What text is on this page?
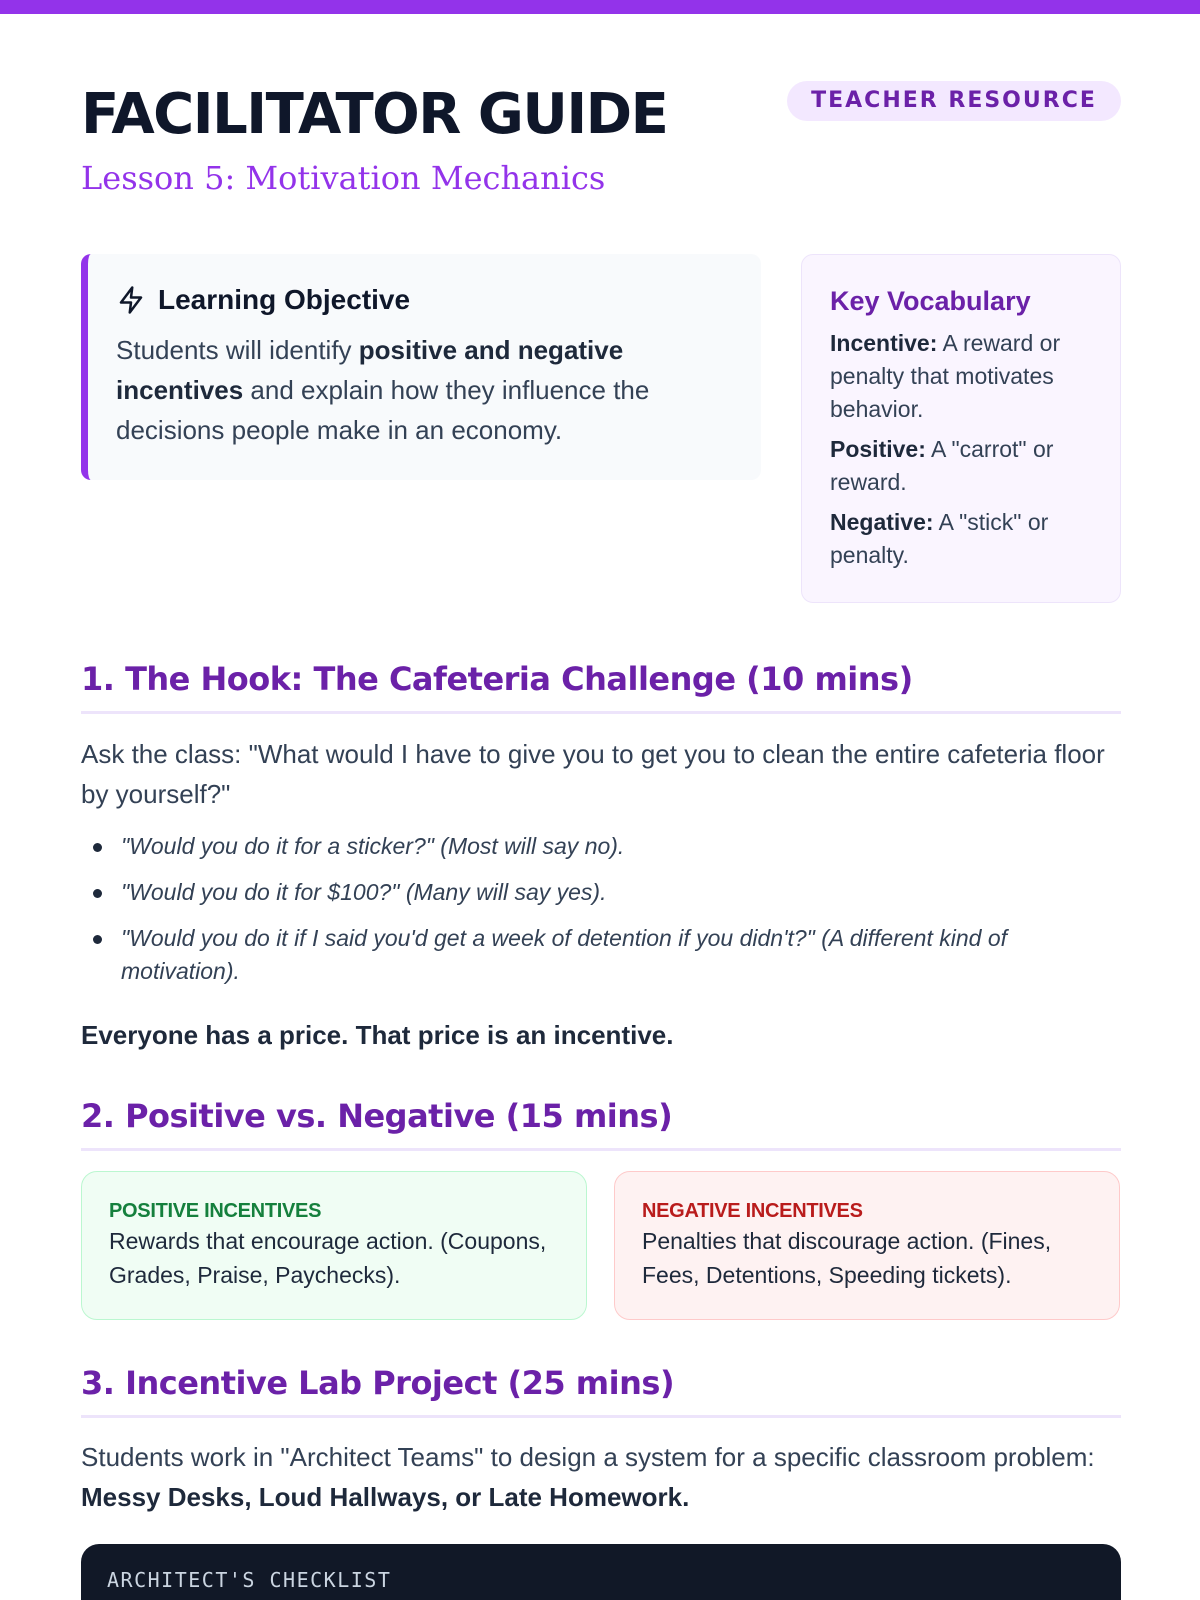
FACILITATOR GUIDE
Lesson 5: Motivation Mechanics
TEACHER RESOURCE
Learning Objective

Students will identify positive and negative incentives and explain how they influence the decisions people make in an economy.

Key Vocabulary
Incentive: A reward or penalty that motivates behavior.
Positive: A "carrot" or reward.
Negative: A "stick" or penalty.
1. The Hook: The Cafeteria Challenge (10 mins)

Ask the class: "What would I have to give you to get you to clean the entire cafeteria floor by yourself?"

"Would you do it for a sticker?" (Most will say no).
"Would you do it for $100?" (Many will say yes).
"Would you do it if I said you'd get a week of detention if you didn't?" (A different kind of motivation).

Everyone has a price. That price is an incentive.

2. Positive vs. Negative (15 mins)
POSITIVE INCENTIVES
Rewards that encourage action. (Coupons, Grades, Praise, Paychecks).
NEGATIVE INCENTIVES
Penalties that discourage action. (Fines, Fees, Detentions, Speeding tickets).
3. Incentive Lab Project (25 mins)

Students work in "Architect Teams" to design a system for a specific classroom problem: Messy Desks, Loud Hallways, or Late Homework.

ARCHITECT'S CHECKLIST
